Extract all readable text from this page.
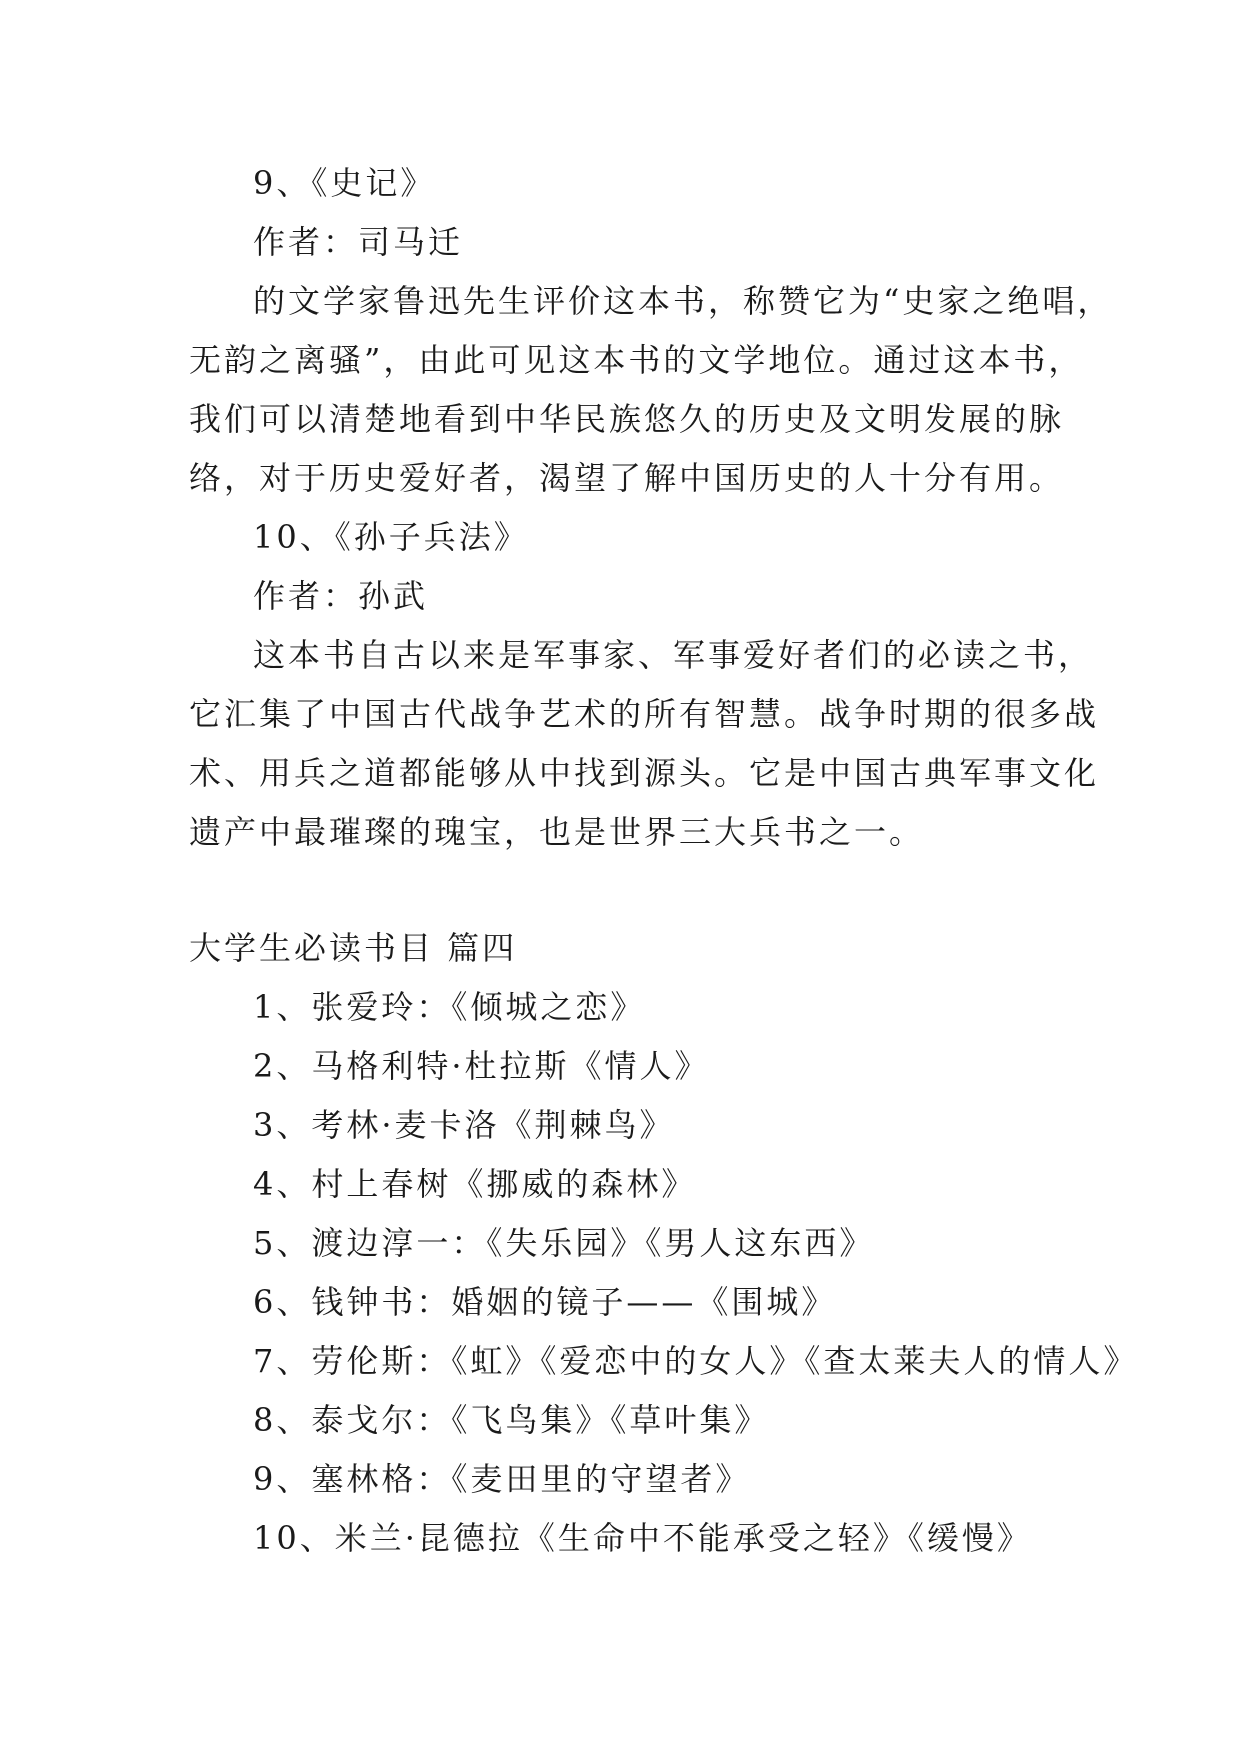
9、《史记》
作者：司马迁
的文学家鲁迅先生评价这本书，称赞它为“史家之绝唱，
无韵之离骚”，由此可见这本书的文学地位。通过这本书，
我们可以清楚地看到中华民族悠久的历史及文明发展的脉
络，对于历史爱好者，渴望了解中国历史的人十分有用。
10、《孙子兵法》
作者：孙武
这本书自古以来是军事家、军事爱好者们的必读之书，
它汇集了中国古代战争艺术的所有智慧。战争时期的很多战
术、用兵之道都能够从中找到源头。它是中国古典军事文化
遗产中最璀璨的瑰宝，也是世界三大兵书之一。
大学生必读书目 篇四
1、张爱玲：《倾城之恋》
2、马格利特·杜拉斯《情人》
3、考林·麦卡洛《荆棘鸟》
4、村上春树《挪威的森林》
5、渡边淳一：《失乐园》《男人这东西》
6、钱钟书：婚姻的镜子——《围城》
7、劳伦斯：《虹》《爱恋中的女人》《查太莱夫人的情人》
8、泰戈尔：《飞鸟集》《草叶集》
9、塞林格：《麦田里的守望者》
10、米兰·昆德拉《生命中不能承受之轻》《缓慢》
